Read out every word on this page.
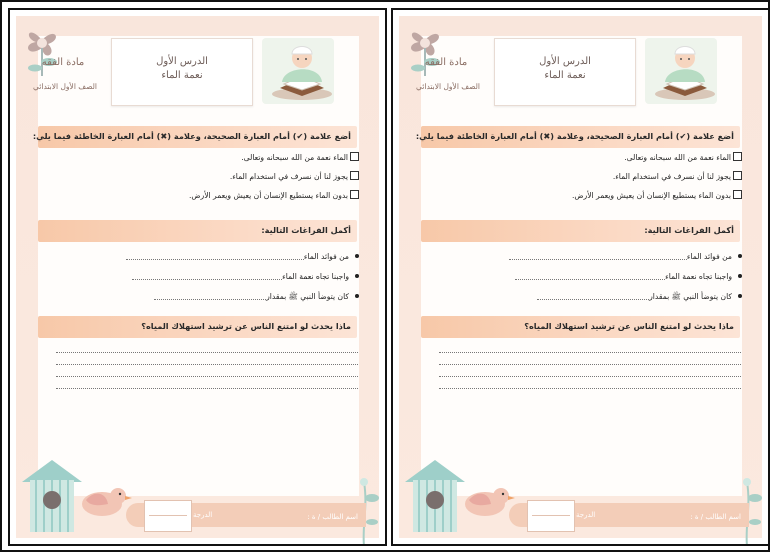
الدرس الأول
نعمة الماء
مادة الفقه
الصف الأول الابتدائي
أضع علامة (✔) أمام العبارة الصحيحة، وعلامة (✖) أمام العبارة الخاطئة فيما يلي:
الماء نعمة من الله سبحانه وتعالى.
يجوز لنا أن نسرف في استخدام الماء.
بدون الماء يستطيع الإنسان أن يعيش ويعمر الأرض.
أكمل الفراغات التالية:
من فوائد الماء
واجبنا تجاه نعمة الماء
كان يتوضأ النبي ﷺ بمقدار
ماذا يحدث لو امتنع الناس عن ترشيد استهلاك المياه؟
الدرجة	اسم الطالب / ة :
الدرس الأول
نعمة الماء
مادة الفقه
الصف الأول الابتدائي
أضع علامة (✔) أمام العبارة الصحيحة، وعلامة (✖) أمام العبارة الخاطئة فيما يلي:
الماء نعمة من الله سبحانه وتعالى.
يجوز لنا أن نسرف في استخدام الماء.
بدون الماء يستطيع الإنسان أن يعيش ويعمر الأرض.
أكمل الفراغات التالية:
من فوائد الماء
واجبنا تجاه نعمة الماء
كان يتوضأ النبي ﷺ بمقدار
ماذا يحدث لو امتنع الناس عن ترشيد استهلاك المياه؟
الدرجة	اسم الطالب / ة :
